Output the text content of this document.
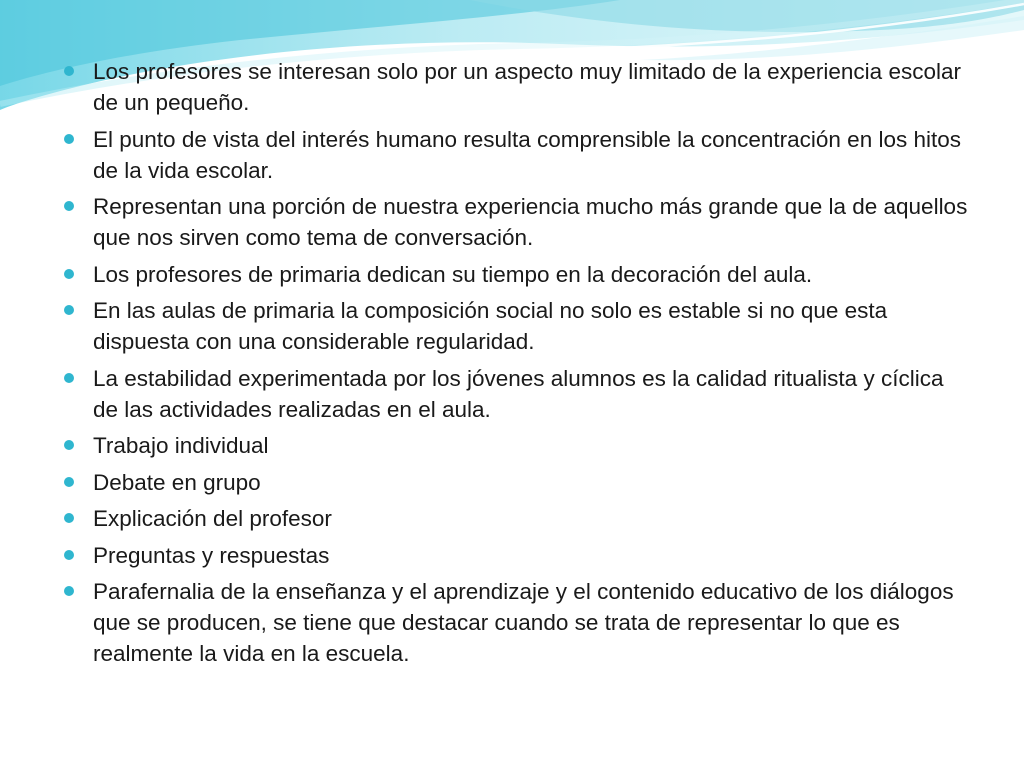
Los profesores se interesan solo por un aspecto muy limitado de la experiencia escolar de un pequeño.
El punto de vista del interés humano resulta comprensible la concentración en los hitos de la vida escolar.
Representan una porción de nuestra experiencia mucho más grande que la de aquellos que nos sirven como tema de conversación.
Los profesores de primaria dedican su tiempo en la decoración del aula.
En las aulas de primaria la composición social no solo es estable si no que esta dispuesta con una considerable regularidad.
La estabilidad experimentada por los jóvenes alumnos es la calidad ritualista y cíclica de las actividades realizadas en el aula.
Trabajo individual
Debate en grupo
Explicación del profesor
Preguntas y respuestas
Parafernalia de la enseñanza y el aprendizaje y el contenido educativo de los diálogos que se producen, se tiene que destacar cuando se trata de representar lo que es realmente la vida en la escuela.
